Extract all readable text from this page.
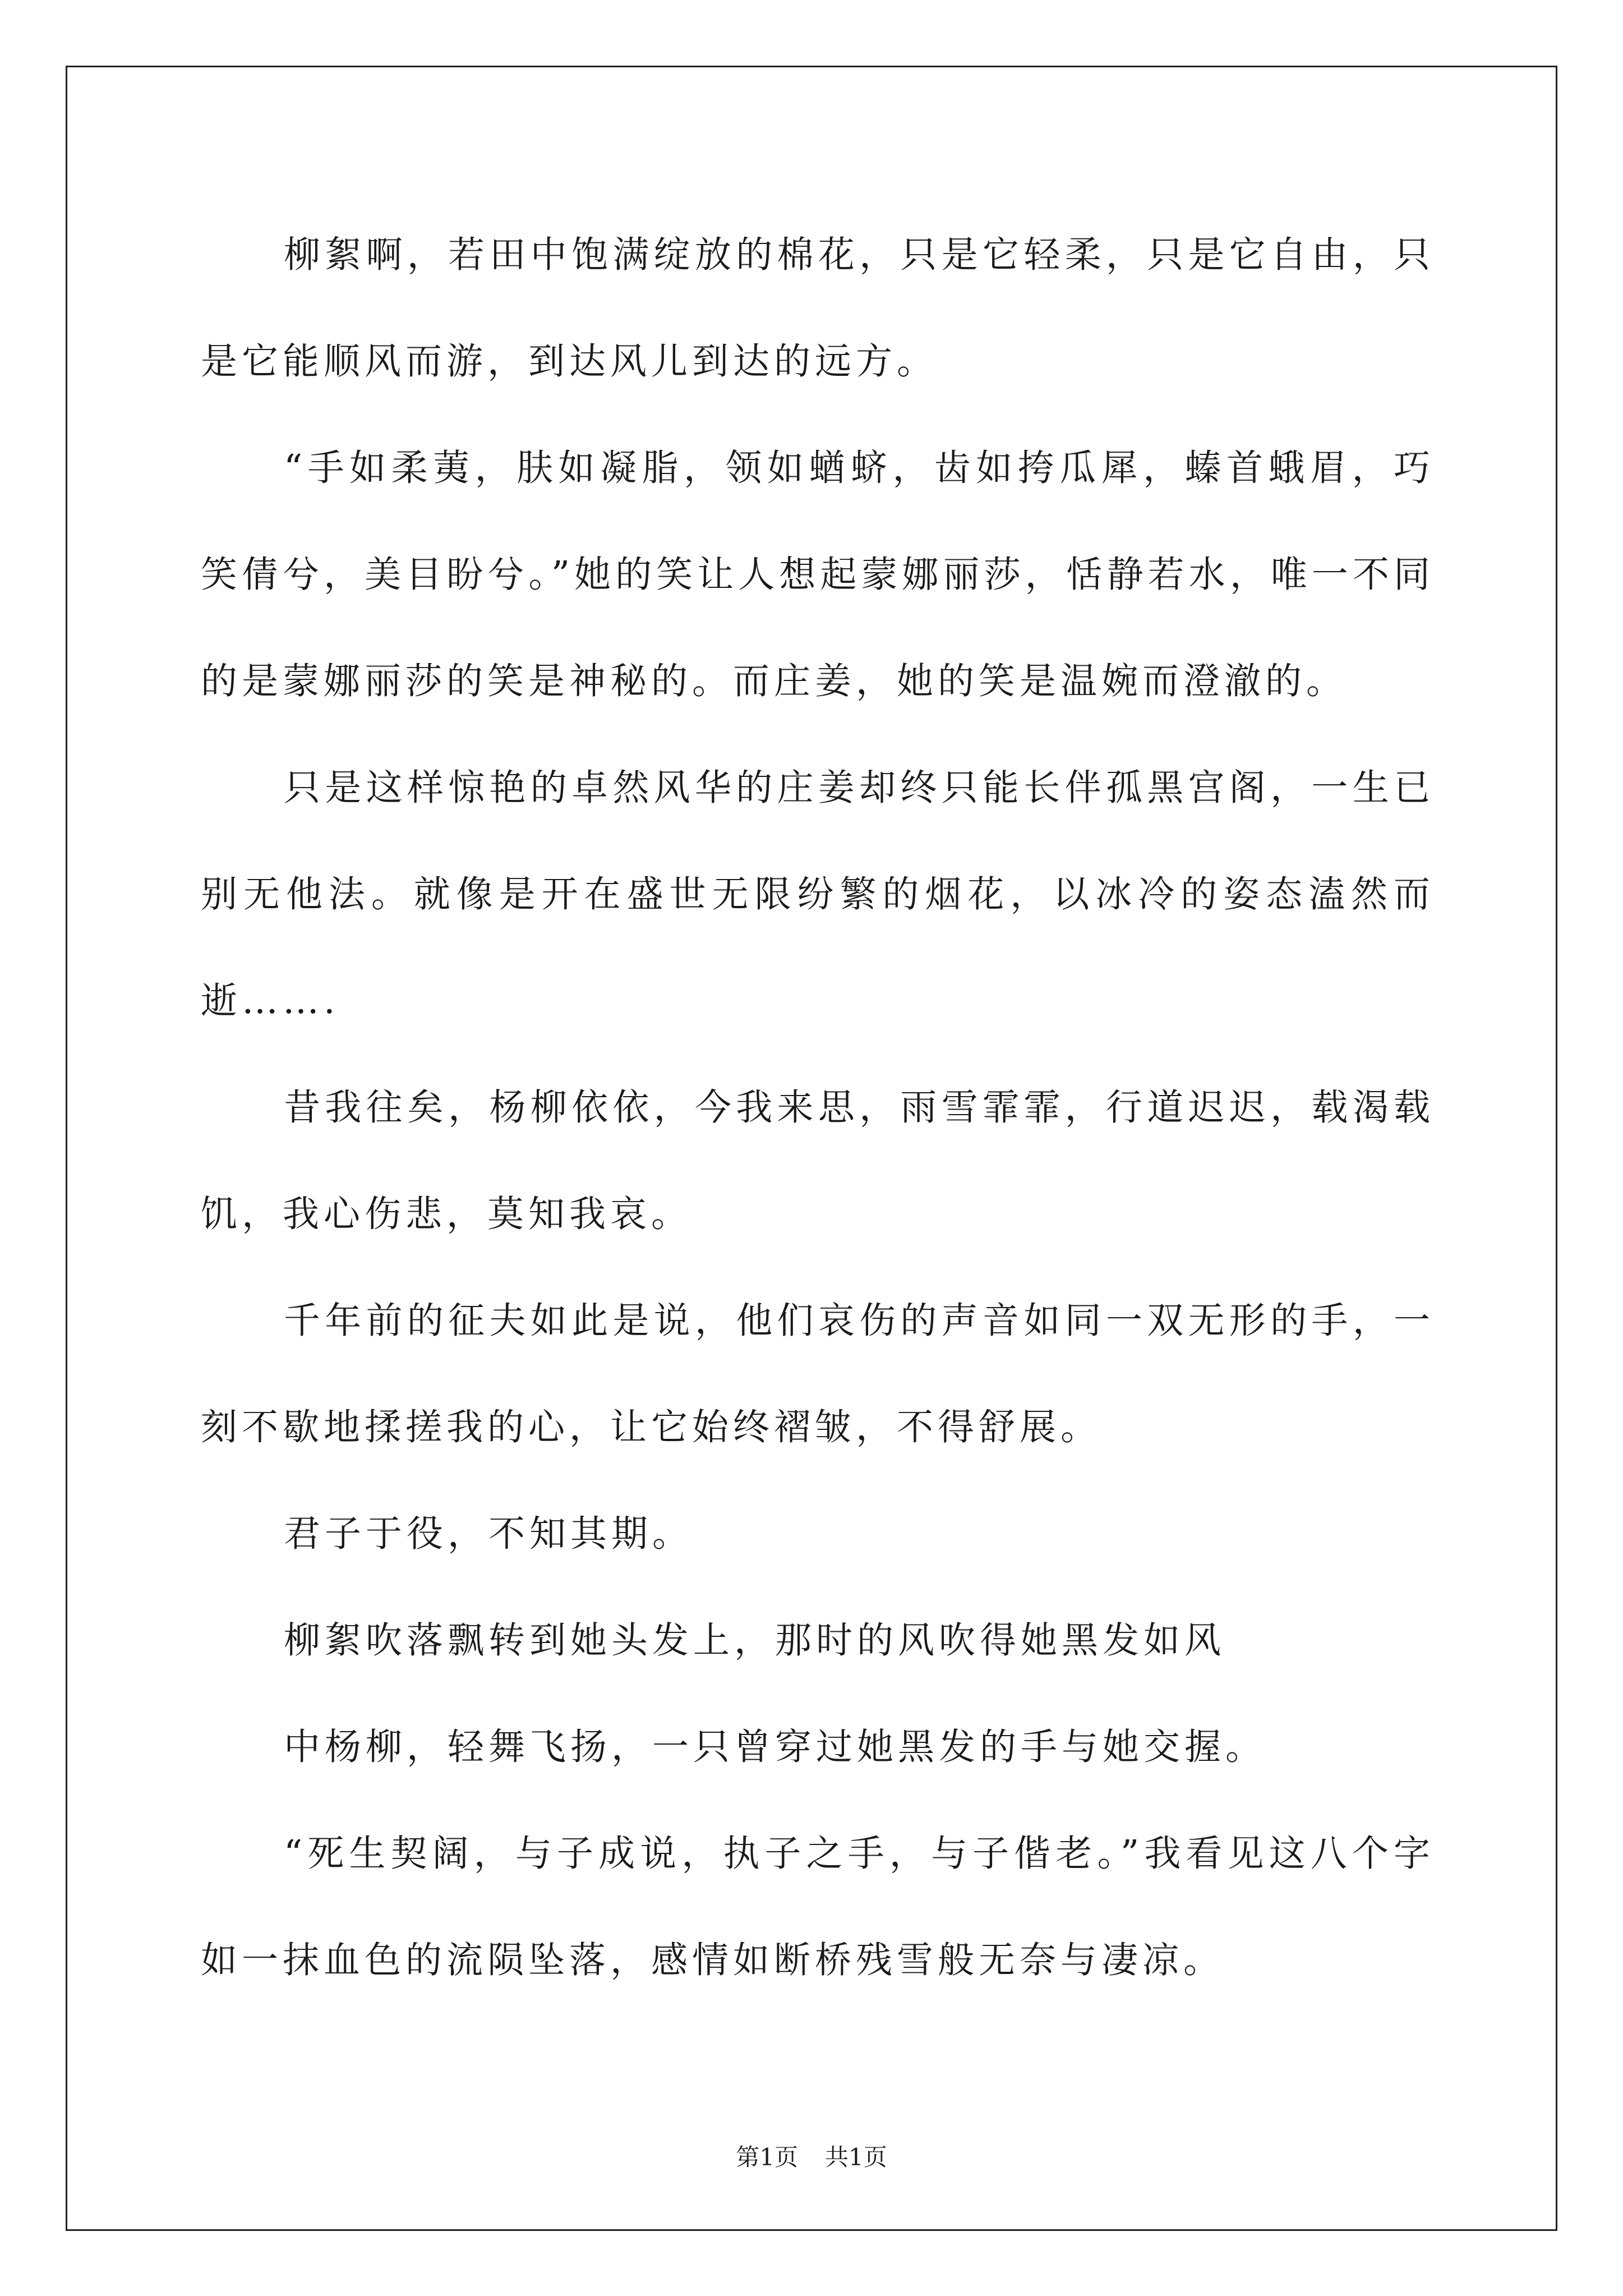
柳絮啊，若田中饱满绽放的棉花，只是它轻柔，只是它自由，只是它能顺风而游，到达风儿到达的远方。

“手如柔荑，肤如凝脂，领如蝤蛴，齿如挎瓜犀，螓首蛾眉，巧笑倩兮，美目盼兮。”她的笑让人想起蒙娜丽莎，恬静若水，唯一不同的是蒙娜丽莎的笑是神秘的。而庄姜，她的笑是温婉而澄澈的。

只是这样惊艳的卓然风华的庄姜却终只能长伴孤黑宫阁，一生已别无他法。就像是开在盛世无限纷繁的烟花，以冰冷的姿态溘然而逝…….

昔我往矣，杨柳依依，今我来思，雨雪霏霏，行道迟迟，载渴载饥，我心伤悲，莫知我哀。

千年前的征夫如此是说，他们哀伤的声音如同一双无形的手，一刻不歇地揉搓我的心，让它始终褶皱，不得舒展。

君子于役，不知其期。

柳絮吹落飘转到她头发上，那时的风吹得她黑发如风

中杨柳，轻舞飞扬，一只曾穿过她黑发的手与她交握。

“死生契阔，与子成说，执子之手，与子偕老。”我看见这八个字如一抹血色的流陨坠落，感情如断桥残雪般无奈与凄凉。

第1页 共1页
